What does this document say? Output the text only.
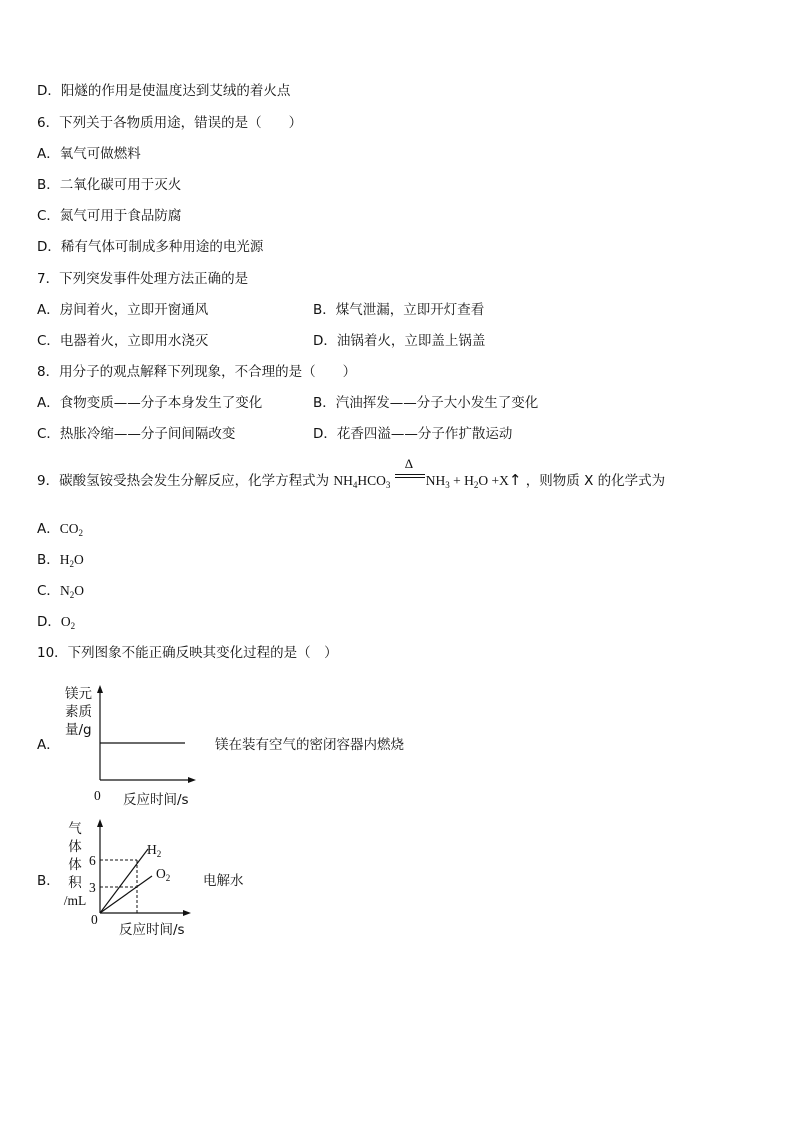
D．阳燧的作用是使温度达到艾绒的着火点
6．下列关于各物质用途，错误的是（　　）
A．氧气可做燃料
B．二氧化碳可用于灭火
C．氮气可用于食品防腐
D．稀有气体可制成多种用途的电光源
7．下列突发事件处理方法正确的是
A．房间着火，立即开窗通风	B．煤气泄漏，立即开灯查看
C．电器着火，立即用水浇灭	D．油锅着火，立即盖上锅盖
8．用分子的观点解释下列现象，不合理的是（　　）
A．食物变质——分子本身发生了变化	B．汽油挥发——分子大小发生了变化
C．热胀冷缩——分子间间隔改变	D．花香四溢——分子作扩散运动
9．碳酸氢铵受热会发生分解反应，化学方程式为 $NH_4HCO_3$
Δ
$NH_3 + H_2O$ +X↑ ，则物质 X 的化学式为
A．$CO_2$
B．$H_2O$
C．$N_2O$
D．$O_2$
10．下列图象不能正确反映其变化过程的是（　）
A．
镁元
素质
量/g
0 反应时间/s
镁在装有空气的密闭容器内燃烧
B．
气
体
体
积
/mL
6
3
$H_2$
$O_2$
0
反应时间/s
电解水
